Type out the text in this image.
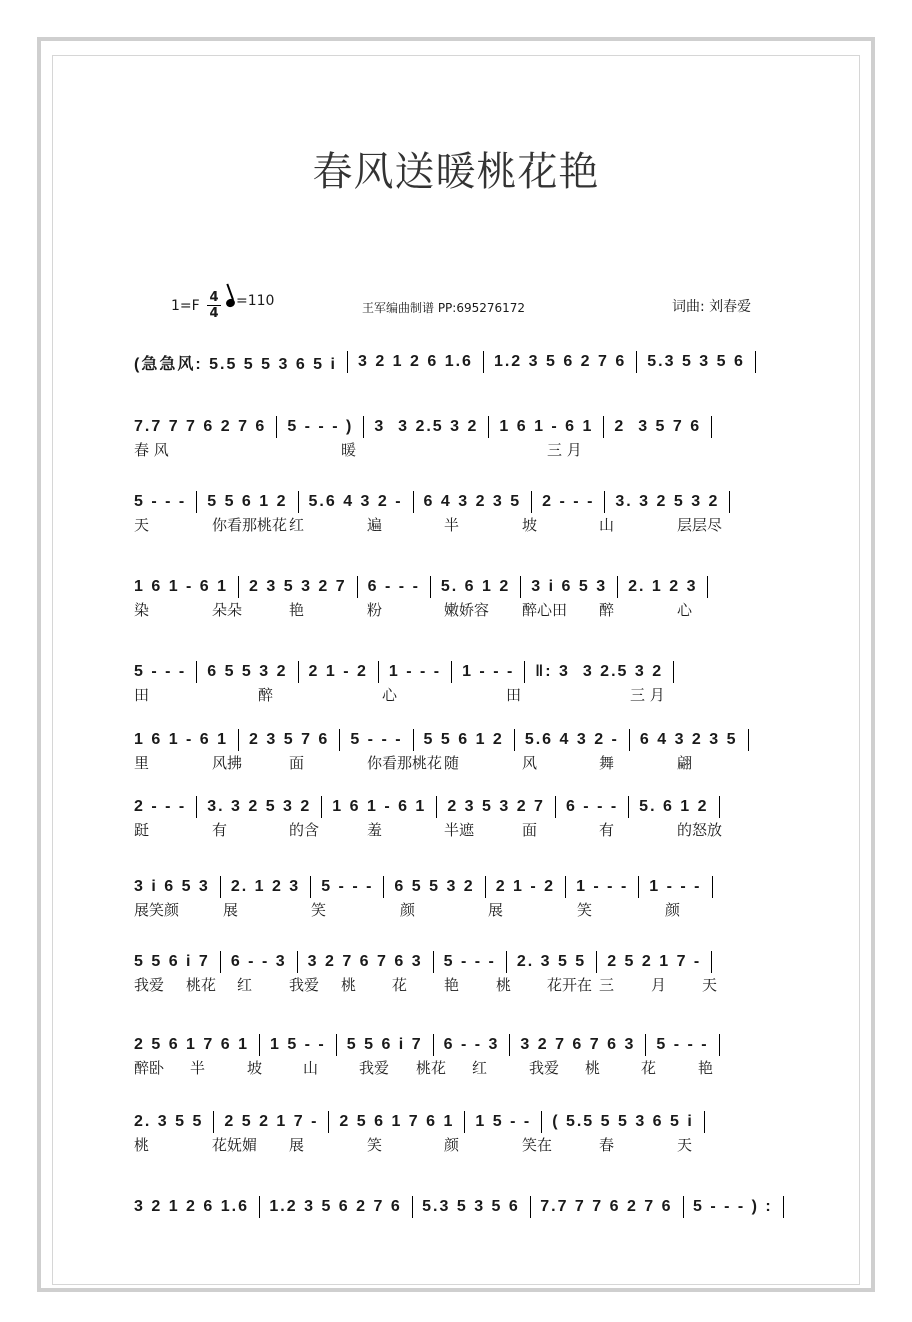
春风送暖桃花艳
1=F
4
4
=110	王军编曲制谱 PP:695276172	词曲: 刘春爱
(急急风: 5.5 5 5 3 6 5 i 3 2 1 2 6 1.6 1.2 3 5 6 2 7 6 5.3 5 3 5 6
7.7 7 7 6 2 7 6 5 - - - ) 3  3 2.5 3 2 1 6 1 - 6 1 2  3 5 7 6
春 风	暖	三 月
5 - - - 5 5 6 1 2 5.6 4 3 2 - 6 4 3 2 3 5 2 - - - 3. 3 2 5 3 2
天	你看那桃花 红	遍	半	坡	山	层层尽
1 6 1 - 6 1 2 3 5 3 2 7 6 - - - 5. 6 1 2 3 i 6 5 3 2. 1 2 3
染	朵朵	艳	粉	嫩娇容 醉心田 醉	心
5 - - - 6 5 5 3 2 2 1 - 2 1 - - - 1 - - - ‖: 3  3 2.5 3 2
田	醉	心	田	三 月
1 6 1 - 6 1 2 3 5 7 6 5 - - - 5 5 6 1 2 5.6 4 3 2 - 6 4 3 2 3 5
里	风拂	面	你看那桃花 随	风	舞	翩
2 - - - 3. 3 2 5 3 2 1 6 1 - 6 1 2 3 5 3 2 7 6 - - - 5. 6 1 2
跹	有	的含	羞	半遮	面	有	的怒放
3 i 6 5 3 2. 1 2 3 5 - - - 6 5 5 3 2 2 1 - 2 1 - - - 1 - - -
展笑颜	展	笑	颜	展	笑	颜
5 5 6 i 7 6 - - 3 3 2 7 6 7 6 3 5 - - - 2. 3 5 5 2 5 2 1 7 -
我爱 桃花 红 我爱 桃 花 艳 桃 花开在 三 月 天
2 5 6 1 7 6 1 1 5 - - 5 5 6 i 7 6 - - 3 3 2 7 6 7 6 3 5 - - -
醉卧 半	坡	山	我爱 桃花 红	我爱 桃	花	艳
2. 3 5 5 2 5 2 1 7 - 2 5 6 1 7 6 1 1 5 - - ( 5.5 5 5 3 6 5 i
桃	花妩媚 展	笑	颜	笑在	春	天
3 2 1 2 6 1.6 1.2 3 5 6 2 7 6 5.3 5 3 5 6 7.7 7 7 6 2 7 6 5 - - - ) :
